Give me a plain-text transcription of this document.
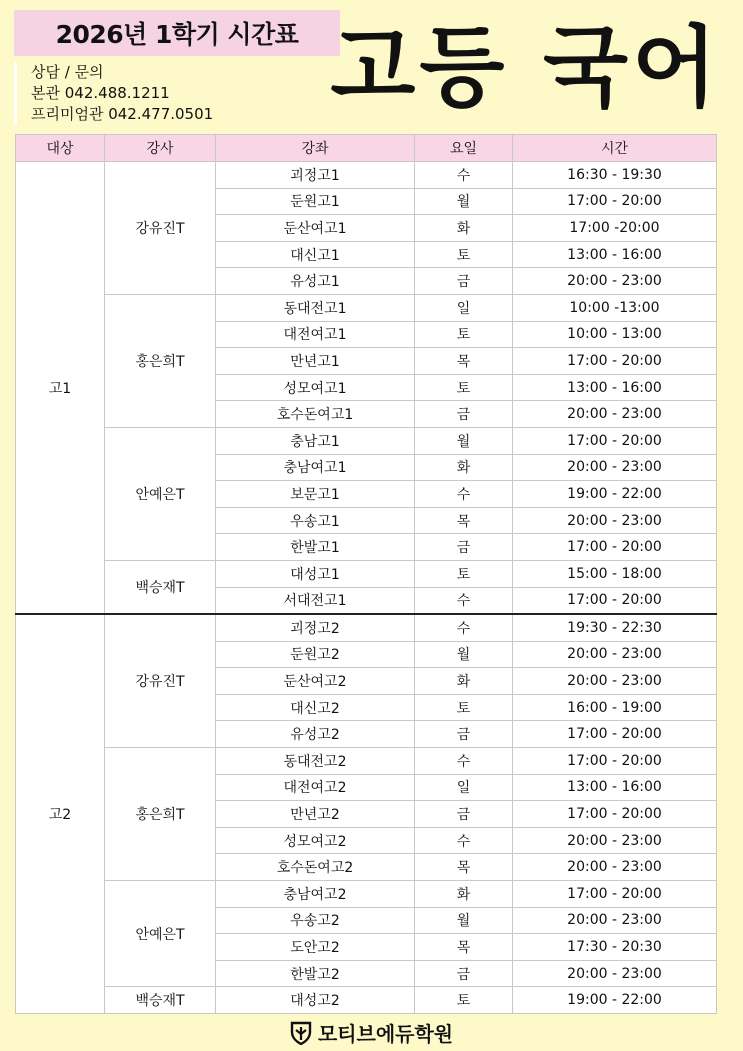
2026년 1학기 시간표
상담 / 문의
본관 042.488.1211
프리미엄관 042.477.0501 고등 국어
대상	강사	강좌	요일	시간
고1	강유진T	괴정고1	수	16:30 - 19:30
		둔원고1	월	17:00 - 20:00
		둔산여고1	화	17:00 -20:00
		대신고1	토	13:00 - 16:00
		유성고1	금	20:00 - 23:00
	홍은희T	동대전고1	일	10:00 -13:00
		대전여고1	토	10:00 - 13:00
		만년고1	목	17:00 - 20:00
		성모여고1	토	13:00 - 16:00
		호수돈여고1	금	20:00 - 23:00
	안예은T	충남고1	월	17:00 - 20:00
		충남여고1	화	20:00 - 23:00
		보문고1	수	19:00 - 22:00
		우송고1	목	20:00 - 23:00
		한발고1	금	17:00 - 20:00
	백승재T	대성고1	토	15:00 - 18:00
		서대전고1	수	17:00 - 20:00
고2	강유진T	괴정고2	수	19:30 - 22:30
		둔원고2	월	20:00 - 23:00
		둔산여고2	화	20:00 - 23:00
		대신고2	토	16:00 - 19:00
		유성고2	금	17:00 - 20:00
	홍은희T	동대전고2	수	17:00 - 20:00
		대전여고2	일	13:00 - 16:00
		만년고2	금	17:00 - 20:00
		성모여고2	수	20:00 - 23:00
		호수돈여고2	목	20:00 - 23:00
	안예은T	충남여고2	화	17:00 - 20:00
		우송고2	월	20:00 - 23:00
		도안고2	목	17:30 - 20:30
		한발고2	금	20:00 - 23:00
	백승재T	대성고2	토	19:00 - 22:00
모티브에듀학원
